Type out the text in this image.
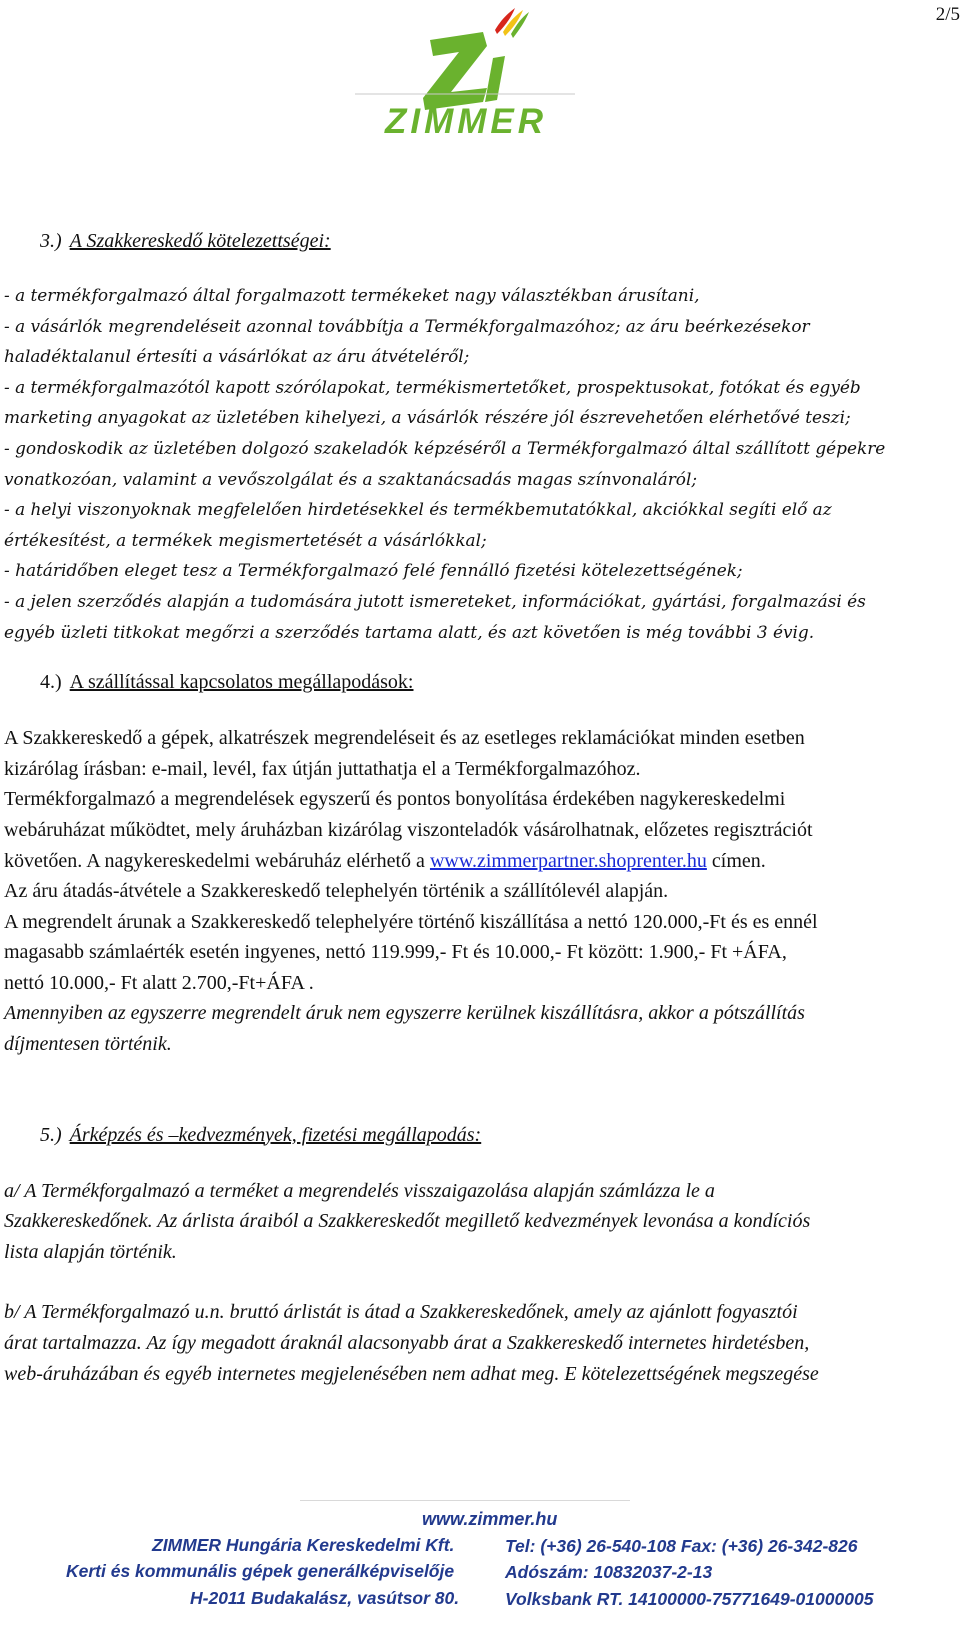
2/5
ZIMMER

3.) A Szakkereskedő kötelezettségei:

- a termékforgalmazó által forgalmazott termékeket nagy választékban árusítani,

- a vásárlók megrendeléseit azonnal továbbítja a Termékforgalmazóhoz; az áru beérkezésekor

haladéktalanul értesíti a vásárlókat az áru átvételéről;

- a termékforgalmazótól kapott szórólapokat, termékismertetőket, prospektusokat, fotókat és egyéb

marketing anyagokat az üzletében kihelyezi, a vásárlók részére jól észrevehetően elérhetővé teszi;

- gondoskodik az üzletében dolgozó szakeladók képzéséről a Termékforgalmazó által szállított gépekre

vonatkozóan, valamint a vevőszolgálat és a szaktanácsadás magas színvonaláról;

- a helyi viszonyoknak megfelelően hirdetésekkel és termékbemutatókkal, akciókkal segíti elő az

értékesítést, a termékek megismertetését a vásárlókkal;

- határidőben eleget tesz a Termékforgalmazó felé fennálló fizetési kötelezettségének;

- a jelen szerződés alapján a tudomására jutott ismereteket, információkat, gyártási, forgalmazási és

egyéb üzleti titkokat megőrzi a szerződés tartama alatt, és azt követően is még további 3 évig.

4.) A szállítással kapcsolatos megállapodások:

A Szakkereskedő a gépek, alkatrészek megrendeléseit és az esetleges reklamációkat minden esetben

kizárólag írásban: e-mail, levél, fax útján juttathatja el a Termékforgalmazóhoz.

Termékforgalmazó a megrendelések egyszerű és pontos bonyolítása érdekében nagykereskedelmi

webáruházat működtet, mely áruházban kizárólag viszonteladók vásárolhatnak, előzetes regisztrációt

követően. A nagykereskedelmi webáruház elérhető a www.zimmerpartner.shoprenter.hu címen.

Az áru átadás-átvétele a Szakkereskedő telephelyén történik a szállítólevél alapján.

A megrendelt árunak a Szakkereskedő telephelyére történő kiszállítása a nettó 120.000,-Ft és es ennél

magasabb számlaérték esetén ingyenes, nettó 119.999,- Ft és 10.000,- Ft között: 1.900,- Ft +ÁFA,

nettó 10.000,- Ft alatt 2.700,-Ft+ÁFA .

Amennyiben az egyszerre megrendelt áruk nem egyszerre kerülnek kiszállításra, akkor a pótszállítás

díjmentesen történik.

5.) Árképzés és –kedvezmények, fizetési megállapodás:

a/ A Termékforgalmazó a terméket a megrendelés visszaigazolása alapján számlázza le a

Szakkereskedőnek. Az árlista áraiból a Szakkereskedőt megillető kedvezmények levonása a kondíciós

lista alapján történik.

b/ A Termékforgalmazó u.n. bruttó árlistát is átad a Szakkereskedőnek, amely az ajánlott fogyasztói

árat tartalmazza. Az így megadott áraknál alacsonyabb árat a Szakkereskedő internetes hirdetésben,

web-áruházában és egyéb internetes megjelenésében nem adhat meg. E kötelezettségének megszegése

www.zimmer.hu
ZIMMER Hungária Kereskedelmi Kft.
Kerti és kommunális gépek generálképviselője
H-2011 Budakalász, vasútsor 80.
Tel: (+36) 26-540-108 Fax: (+36) 26-342-826
Adószám: 10832037-2-13
Volksbank RT. 14100000-75771649-01000005
